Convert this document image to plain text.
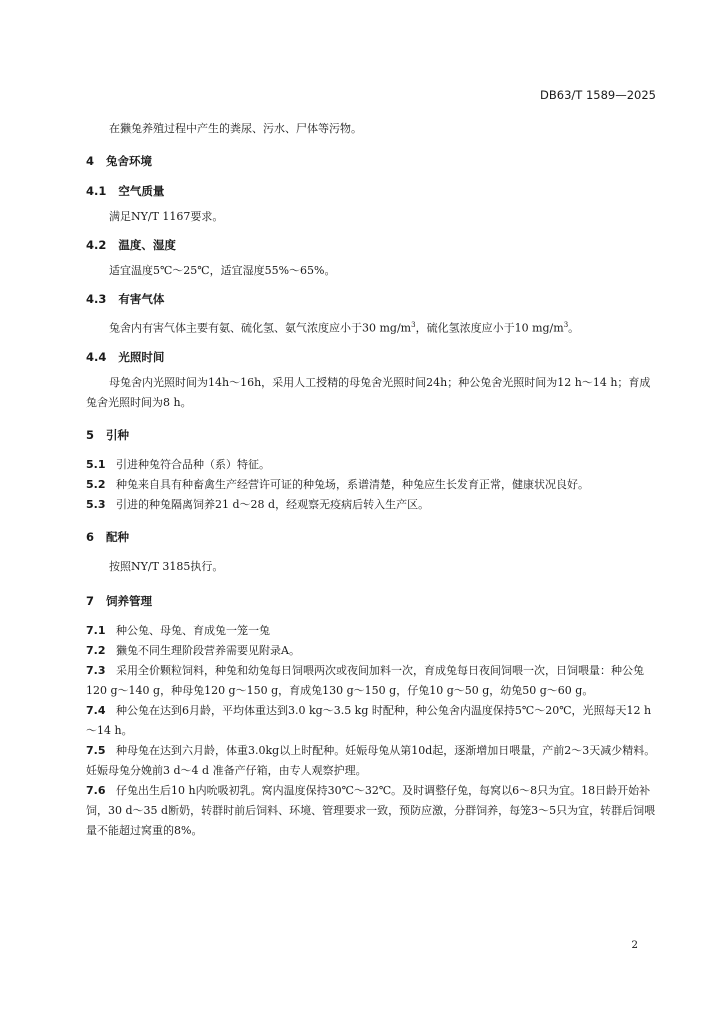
DB63/T 1589—2025
在獭兔养殖过程中产生的粪尿、污水、尸体等污物。
4   兔舍环境
4.1   空气质量
满足NY/T 1167要求。
4.2   温度、湿度
适宜温度5℃～25℃，适宜湿度55%～65%。
4.3   有害气体
兔舍内有害气体主要有氨、硫化氢、氨气浓度应小于30 $mg/m^3$，硫化氢浓度应小于10 $mg/m^3$。
4.4   光照时间
母兔舍内光照时间为14h～16h，采用人工授精的母兔舍光照时间24h；种公兔舍光照时间为12 h～14 h；育成兔舍光照时间为8 h。
5   引种
5.1 引进种兔符合品种（系）特征。
5.2 种兔来自具有种畜禽生产经营许可证的种兔场，系谱清楚，种兔应生长发育正常，健康状况良好。
5.3 引进的种兔隔离饲养21 d～28 d，经观察无疫病后转入生产区。
6   配种
按照NY/T 3185执行。
7   饲养管理
7.1 种公兔、母兔、育成兔一笼一兔
7.2 獭兔不同生理阶段营养需要见附录A。
7.3 采用全价颗粒饲料，种兔和幼兔每日饲喂两次或夜间加料一次，育成兔每日夜间饲喂一次，日饲喂量：种公兔120 g～140 g，种母兔120 g～150 g，育成兔130 g～150 g，仔兔10 g～50 g，幼兔50 g～60 g。
7.4 种公兔在达到6月龄，平均体重达到3.0 kg～3.5 kg 时配种，种公兔舍内温度保持5℃～20℃，光照每天12 h～14 h。
7.5 种母兔在达到六月龄，体重3.0kg以上时配种。妊娠母兔从第10d起，逐渐增加日喂量，产前2～3天减少精料。妊娠母兔分娩前3 d～4 d 准备产仔箱，由专人观察护理。
7.6 仔兔出生后10 h内吮吸初乳。窝内温度保持30℃～32℃。及时调整仔兔，每窝以6～8只为宜。18日龄开始补饲，30 d～35 d断奶，转群时前后饲料、环境、管理要求一致，预防应激，分群饲养，每笼3～5只为宜，转群后饲喂量不能超过窝重的8%。
2
